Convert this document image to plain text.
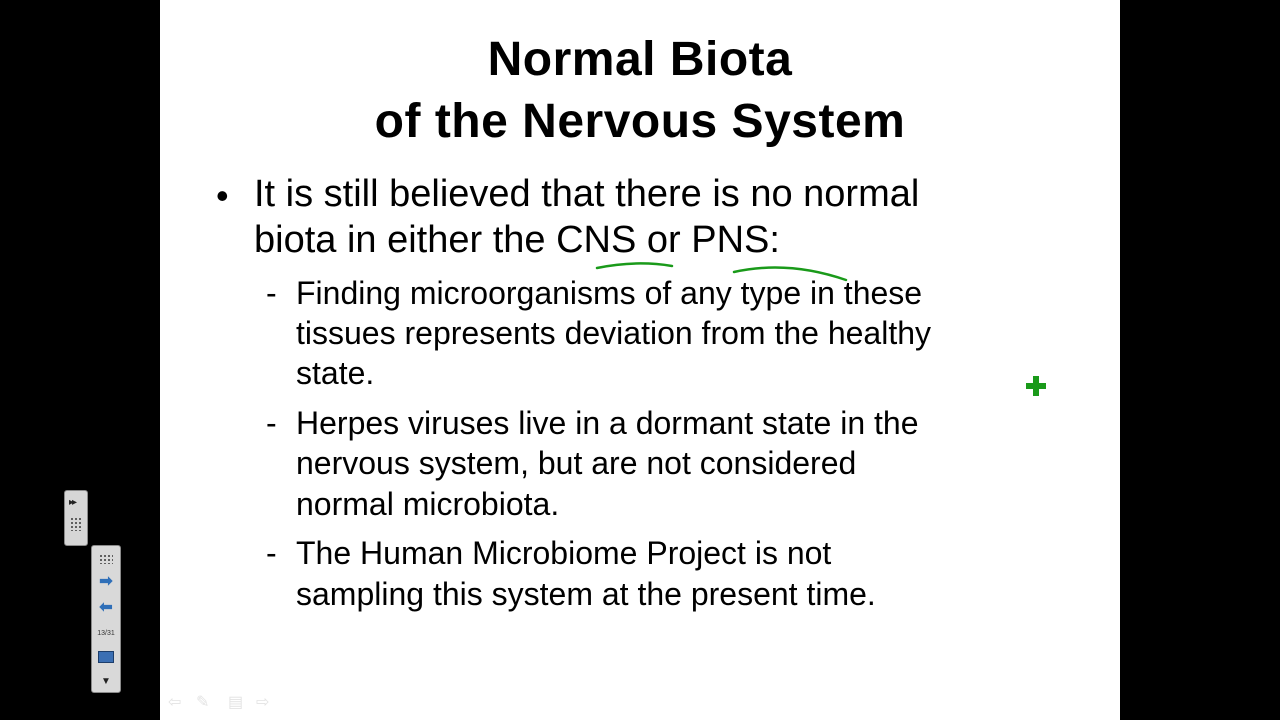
Normal Biota
of the Nervous System
• It is still believed that there is no normal
biota in either the CNS or PNS:
- Finding microorganisms of any type in these
tissues represents deviation from the healthy
state.
- Herpes viruses live in a dormant state in the
nervous system, but are not considered
normal microbiota.
- The Human Microbiome Project is not
sampling this system at the present time.
⇦ ✎ ▤ ⇨
▸▸
➡
⬅
13/31
▼
